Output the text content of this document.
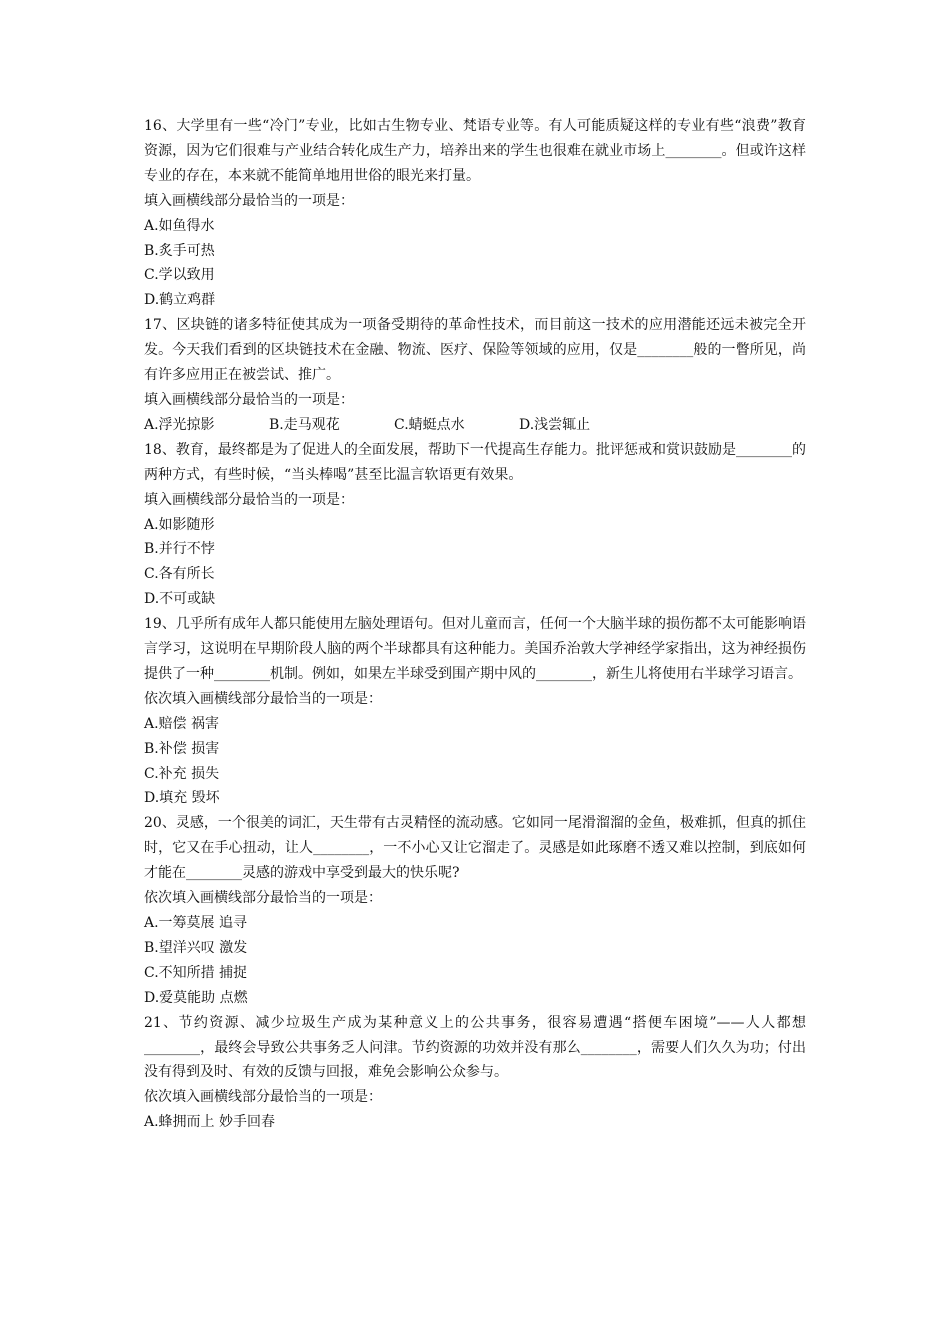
16、大学里有一些“冷门”专业，比如古生物专业、梵语专业等。有人可能质疑这样的专业有些“浪费”教育资源，因为它们很难与产业结合转化成生产力，培养出来的学生也很难在就业市场上________。但或许这样专业的存在，本来就不能简单地用世俗的眼光来打量。

填入画横线部分最恰当的一项是：

A.如鱼得水

B.炙手可热

C.学以致用

D.鹤立鸡群

17、区块链的诸多特征使其成为一项备受期待的革命性技术，而目前这一技术的应用潜能还远未被完全开发。今天我们看到的区块链技术在金融、物流、医疗、保险等领域的应用，仅是________般的一瞥所见，尚有许多应用正在被尝试、推广。

填入画横线部分最恰当的一项是：

A.浮光掠影	B.走马观花	C.蜻蜓点水	D.浅尝辄止

18、教育，最终都是为了促进人的全面发展，帮助下一代提高生存能力。批评惩戒和赏识鼓励是________的两种方式，有些时候，“当头棒喝”甚至比温言软语更有效果。

填入画横线部分最恰当的一项是：

A.如影随形

B.并行不悖

C.各有所长

D.不可或缺

19、几乎所有成年人都只能使用左脑处理语句。但对儿童而言，任何一个大脑半球的损伤都不太可能影响语言学习，这说明在早期阶段人脑的两个半球都具有这种能力。美国乔治敦大学神经学家指出，这为神经损伤提供了一种________机制。例如，如果左半球受到围产期中风的________，新生儿将使用右半球学习语言。

依次填入画横线部分最恰当的一项是：

A.赔偿 祸害

B.补偿 损害

C.补充 损失

D.填充 毁坏

20、灵感，一个很美的词汇，天生带有古灵精怪的流动感。它如同一尾滑溜溜的金鱼，极难抓，但真的抓住时，它又在手心扭动，让人________，一不小心又让它溜走了。灵感是如此琢磨不透又难以控制，到底如何才能在________灵感的游戏中享受到最大的快乐呢?

依次填入画横线部分最恰当的一项是：

A.一筹莫展 追寻

B.望洋兴叹 激发

C.不知所措 捕捉

D.爱莫能助 点燃

21、节约资源、减少垃圾生产成为某种意义上的公共事务，很容易遭遇“搭便车困境”——人人都想________，最终会导致公共事务乏人问津。节约资源的功效并没有那么________，需要人们久久为功；付出没有得到及时、有效的反馈与回报，难免会影响公众参与。

依次填入画横线部分最恰当的一项是：

A.蜂拥而上 妙手回春
